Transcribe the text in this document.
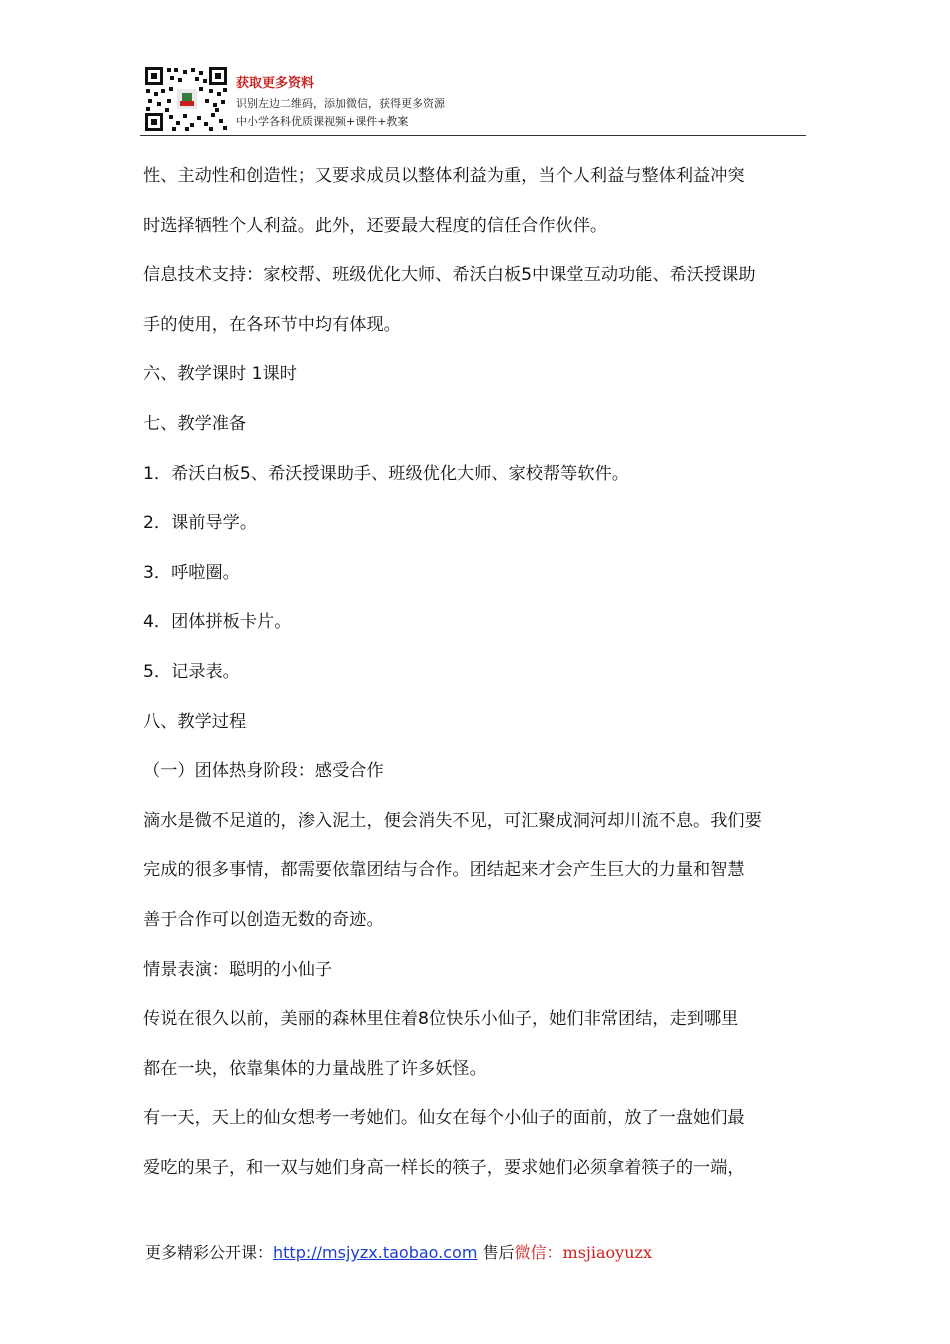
获取更多资料
识别左边二维码，添加微信，获得更多资源
中小学各科优质课视频+课件+教案

性、主动性和创造性；又要求成员以整体利益为重，当个人利益与整体利益冲突

时选择牺牲个人利益。此外，还要最大程度的信任合作伙伴。

信息技术支持：家校帮、班级优化大师、希沃白板5中课堂互动功能、希沃授课助

手的使用，在各环节中均有体现。

六、教学课时 1课时

七、教学准备

1．希沃白板5、希沃授课助手、班级优化大师、家校帮等软件。

2．课前导学。

3．呼啦圈。

4．团体拼板卡片。

5．记录表。

八、教学过程

（一）团体热身阶段：感受合作

滴水是微不足道的，渗入泥土，便会消失不见，可汇聚成洞河却川流不息。我们要

完成的很多事情，都需要依靠团结与合作。团结起来才会产生巨大的力量和智慧

善于合作可以创造无数的奇迹。

情景表演：聪明的小仙子

传说在很久以前，美丽的森林里住着8位快乐小仙子，她们非常团结，走到哪里

都在一块，依靠集体的力量战胜了许多妖怪。

有一天，天上的仙女想考一考她们。仙女在每个小仙子的面前，放了一盘她们最

爱吃的果子，和一双与她们身高一样长的筷子，要求她们必须拿着筷子的一端，

更多精彩公开课：http://msjyzx.taobao.com 售后微信：msjiaoyuzx
